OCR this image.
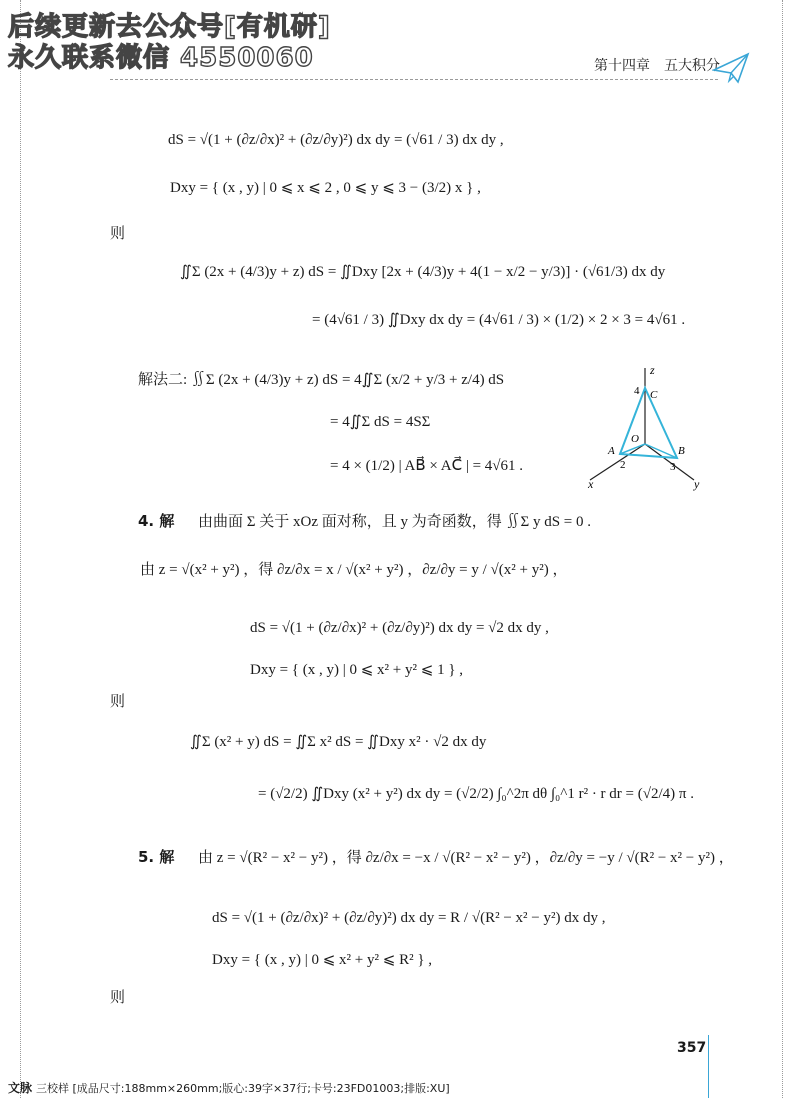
后续更新去公众号[有机研]
永久联系微信 4550060	第十四章　五大积分
dS = √(1 + (∂z/∂x)² + (∂z/∂y)²) dx dy = (√61 / 3) dx dy ,
Dxy = { (x , y) | 0 ⩽ x ⩽ 2 , 0 ⩽ y ⩽ 3 − (3/2) x } ,
则
∬Σ (2x + (4/3)y + z) dS = ∬Dxy [2x + (4/3)y + 4(1 − x/2 − y/3)] · (√61/3) dx dy
= (4√61 / 3) ∬Dxy dx dy = (4√61 / 3) × (1/2) × 2 × 3 = 4√61 .
解法二: ∬Σ (2x + (4/3)y + z) dS = 4∬Σ (x/2 + y/3 + z/4) dS
= 4∬Σ dS = 4SΣ
= 4 × (1/2) | AB⃗ × AC⃗ | = 4√61 .
z
C
4
O
A	B
2	3
x	y
4. 解 由曲面 Σ 关于 xOz 面对称，且 y 为奇函数，得 ∬Σ y dS = 0 .
由 z = √(x² + y²) ，得 ∂z/∂x = x / √(x² + y²) ，∂z/∂y = y / √(x² + y²) ，
dS = √(1 + (∂z/∂x)² + (∂z/∂y)²) dx dy = √2 dx dy ,
Dxy = { (x , y) | 0 ⩽ x² + y² ⩽ 1 } ,
则
∬Σ (x² + y) dS = ∬Σ x² dS = ∬Dxy x² · √2 dx dy
= (√2/2) ∬Dxy (x² + y²) dx dy = (√2/2) ∫₀^2π dθ ∫₀^1 r² · r dr = (√2/4) π .
5. 解 由 z = √(R² − x² − y²) ，得 ∂z/∂x = −x / √(R² − x² − y²) ，∂z/∂y = −y / √(R² − x² − y²) ，
dS = √(1 + (∂z/∂x)² + (∂z/∂y)²) dx dy = R / √(R² − x² − y²) dx dy ,
Dxy = { (x , y) | 0 ⩽ x² + y² ⩽ R² } ,
则
357
文脉 三校样 [成品尺寸:188mm×260mm;版心:39字×37行;卡号:23FD01003;排版:XU]
